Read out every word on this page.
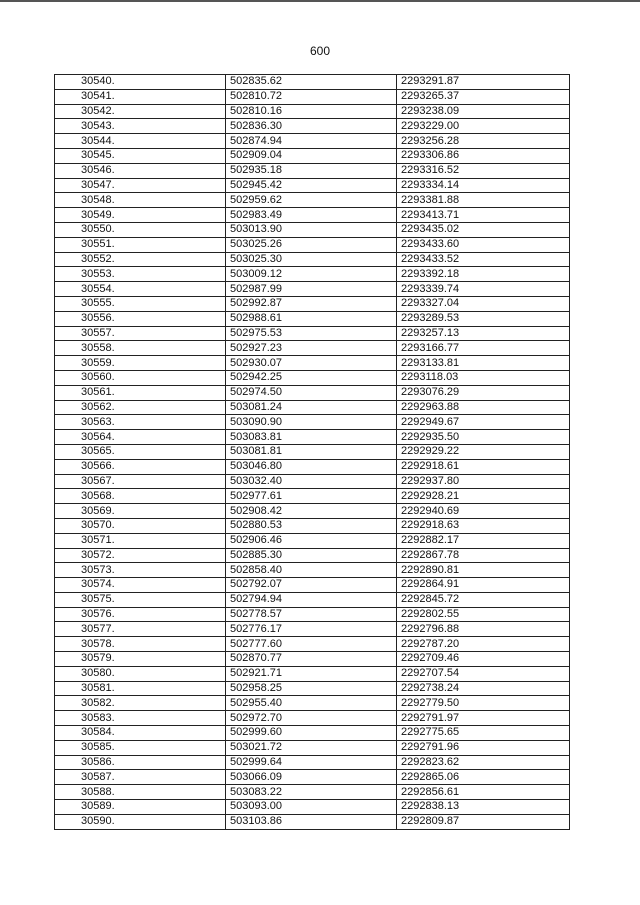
600
30540.	502835.62	2293291.87
30541.	502810.72	2293265.37
30542.	502810.16	2293238.09
30543.	502836.30	2293229.00
30544.	502874.94	2293256.28
30545.	502909.04	2293306.86
30546.	502935.18	2293316.52
30547.	502945.42	2293334.14
30548.	502959.62	2293381.88
30549.	502983.49	2293413.71
30550.	503013.90	2293435.02
30551.	503025.26	2293433.60
30552.	503025.30	2293433.52
30553.	503009.12	2293392.18
30554.	502987.99	2293339.74
30555.	502992.87	2293327.04
30556.	502988.61	2293289.53
30557.	502975.53	2293257.13
30558.	502927.23	2293166.77
30559.	502930.07	2293133.81
30560.	502942.25	2293118.03
30561.	502974.50	2293076.29
30562.	503081.24	2292963.88
30563.	503090.90	2292949.67
30564.	503083.81	2292935.50
30565.	503081.81	2292929.22
30566.	503046.80	2292918.61
30567.	503032.40	2292937.80
30568.	502977.61	2292928.21
30569.	502908.42	2292940.69
30570.	502880.53	2292918.63
30571.	502906.46	2292882.17
30572.	502885.30	2292867.78
30573.	502858.40	2292890.81
30574.	502792.07	2292864.91
30575.	502794.94	2292845.72
30576.	502778.57	2292802.55
30577.	502776.17	2292796.88
30578.	502777.60	2292787.20
30579.	502870.77	2292709.46
30580.	502921.71	2292707.54
30581.	502958.25	2292738.24
30582.	502955.40	2292779.50
30583.	502972.70	2292791.97
30584.	502999.60	2292775.65
30585.	503021.72	2292791.96
30586.	502999.64	2292823.62
30587.	503066.09	2292865.06
30588.	503083.22	2292856.61
30589.	503093.00	2292838.13
30590.	503103.86	2292809.87
